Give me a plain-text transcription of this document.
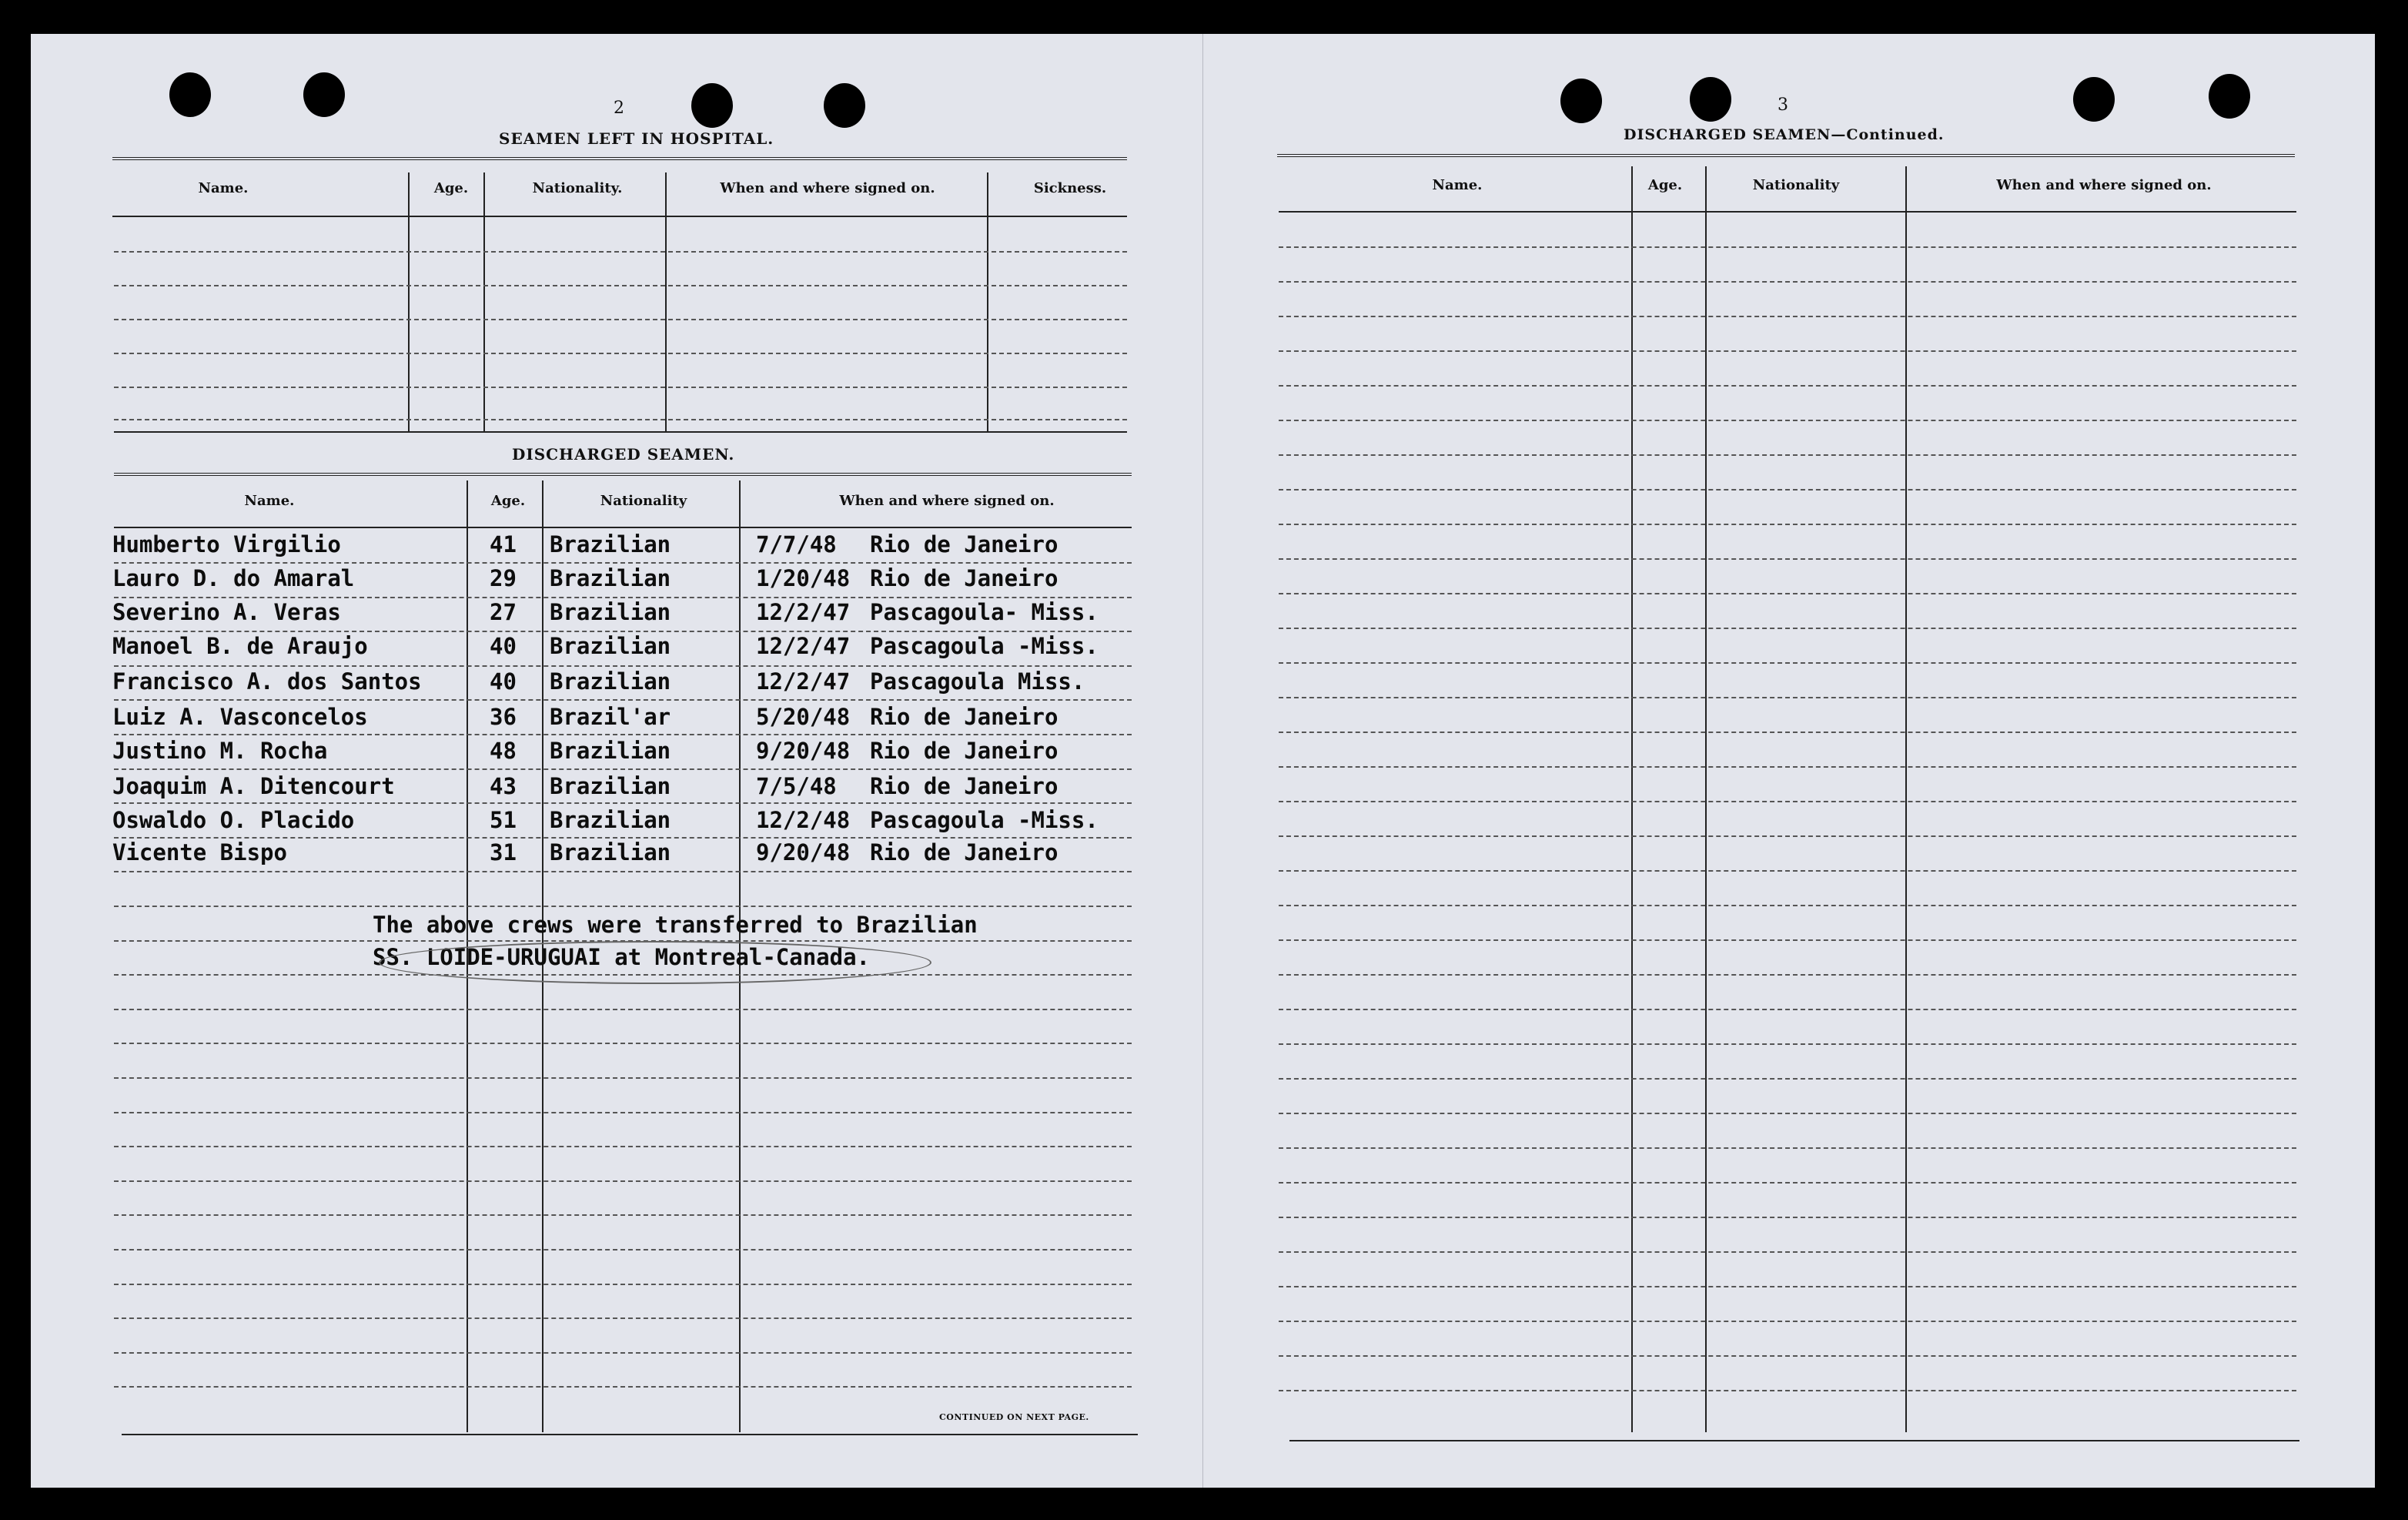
2
SEAMEN LEFT IN HOSPITAL.
Name.	Age.	Nationality.	When and where signed on.	Sickness.
DISCHARGED SEAMEN.
Name.	Age.	Nationality	When and where signed on.
Humberto Virgilio	41 Brazilian	7/7/48 Rio de Janeiro
Lauro D. do Amaral	29 Brazilian	1/20/48 Rio de Janeiro
Severino A. Veras	27 Brazilian	12/2/47 Pascagoula- Miss.
Manoel B. de Araujo	40 Brazilian	12/2/47 Pascagoula -Miss.
Francisco A. dos Santos	40 Brazilian	12/2/47 Pascagoula Miss.
Luiz A. Vasconcelos	36 Brazil'ar	5/20/48 Rio de Janeiro
Justino M. Rocha	48 Brazilian	9/20/48 Rio de Janeiro
Joaquim A. Ditencourt	43 Brazilian	7/5/48 Rio de Janeiro
Oswaldo O. Placido	51 Brazilian	12/2/48 Pascagoula -Miss.
Vicente Bispo	31 Brazilian	9/20/48 Rio de Janeiro
The above crews were transferred to Brazilian
SS. LOIDE-URUGUAI at Montreal-Canada.
CONTINUED ON NEXT PAGE.
3
DISCHARGED SEAMEN—Continued.
Name.	Age.	Nationality	When and where signed on.
